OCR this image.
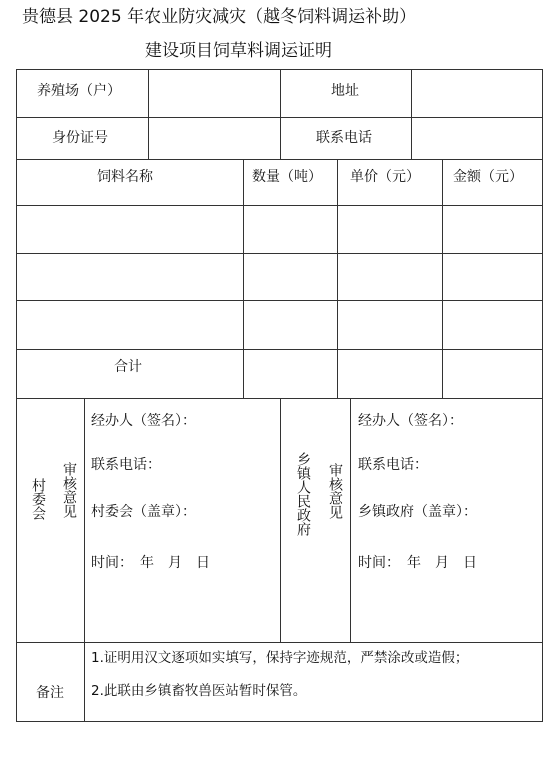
贵德县 2025 年农业防灾减灾（越冬饲料调运补助）
建设项目饲草料调运证明
养殖场（户）	地址
身份证号	联系电话
饲料名称	数量（吨） 单价（元） 金额（元）
合计
村委会 审核意见
经办人（签名）：
联系电话：
村委会（盖章）：
时间：　年　月　日
乡镇人民政府 审核意见
经办人（签名）：
联系电话：
乡镇政府（盖章）：
时间：　年　月　日
备注
1.证明用汉文逐项如实填写，保持字迹规范，严禁涂改或造假；
2.此联由乡镇畜牧兽医站暂时保管。
